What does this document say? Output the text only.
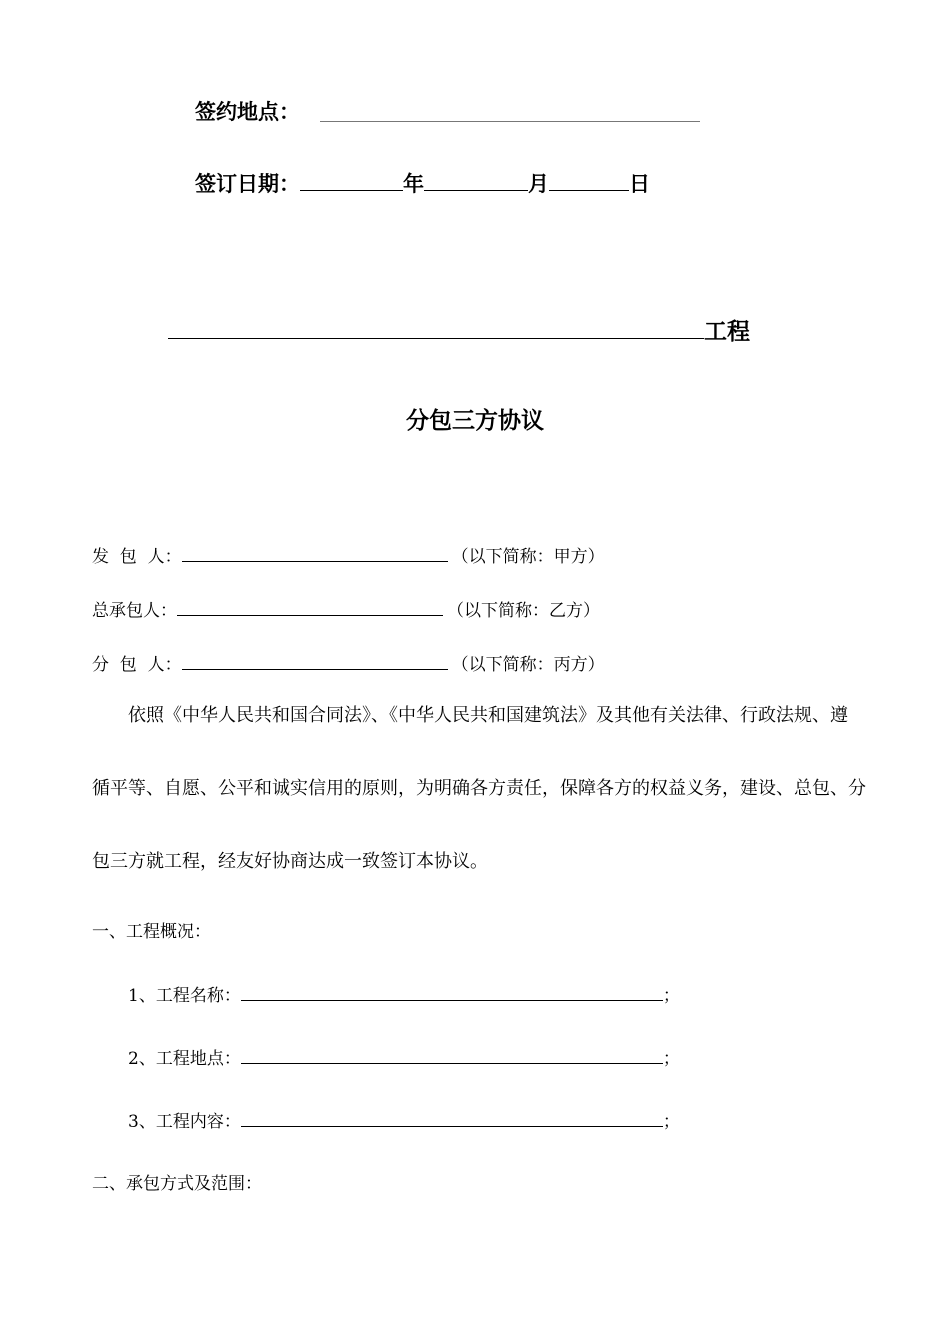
签约地点：
签订日期：	年	月	日
工程
分包三方协议
发  包  人：	（以下简称：甲方）
总承包人：	（以下简称：乙方）
分  包  人：	（以下简称：丙方）
依照《中华人民共和国合同法》、《中华人民共和国建筑法》及其他有关法律、行政法规、遵
循平等、自愿、公平和诚实信用的原则，为明确各方责任，保障各方的权益义务，建设、总包、分
包三方就工程，经友好协商达成一致签订本协议。
一、工程概况：
1、工程名称：	；
2、工程地点：	；
3、工程内容：	；
二、承包方式及范围：
